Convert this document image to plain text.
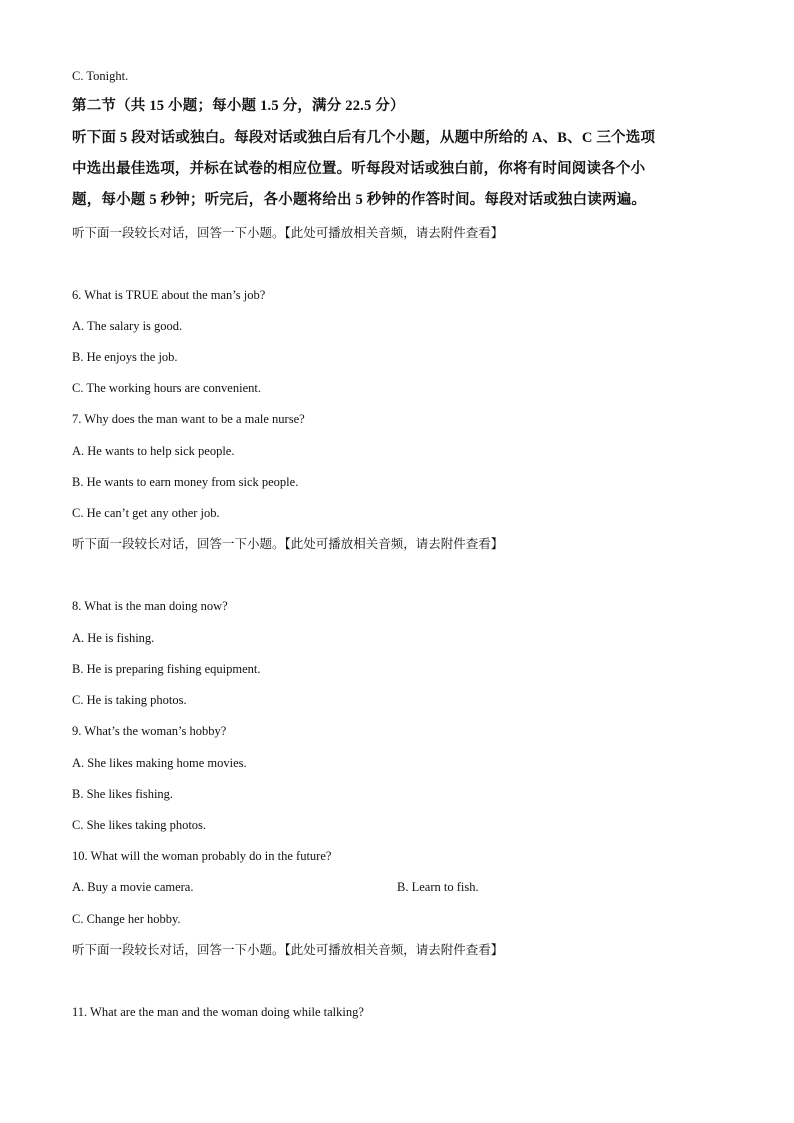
C. Tonight.
第二节（共 15 小题；每小题 1.5 分，满分 22.5 分）
听下面 5 段对话或独白。每段对话或独白后有几个小题，从题中所给的 A、B、C 三个选项
中选出最佳选项，并标在试卷的相应位置。听每段对话或独白前，你将有时间阅读各个小
题，每小题 5 秒钟；听完后，各小题将给出 5 秒钟的作答时间。每段对话或独白读两遍。
听下面一段较长对话，回答一下小题。【此处可播放相关音频，请去附件查看】
6. What is TRUE about the man’s job?
A. The salary is good.
B. He enjoys the job.
C. The working hours are convenient.
7. Why does the man want to be a male nurse?
A. He wants to help sick people.
B. He wants to earn money from sick people.
C. He can’t get any other job.
听下面一段较长对话，回答一下小题。【此处可播放相关音频，请去附件查看】
8. What is the man doing now?
A. He is fishing.
B. He is preparing fishing equipment.
C. He is taking photos.
9. What’s the woman’s hobby?
A. She likes making home movies.
B. She likes fishing.
C. She likes taking photos.
10. What will the woman probably do in the future?
A. Buy a movie camera.	B. Learn to fish.
C. Change her hobby.
听下面一段较长对话，回答一下小题。【此处可播放相关音频，请去附件查看】
11. What are the man and the woman doing while talking?
